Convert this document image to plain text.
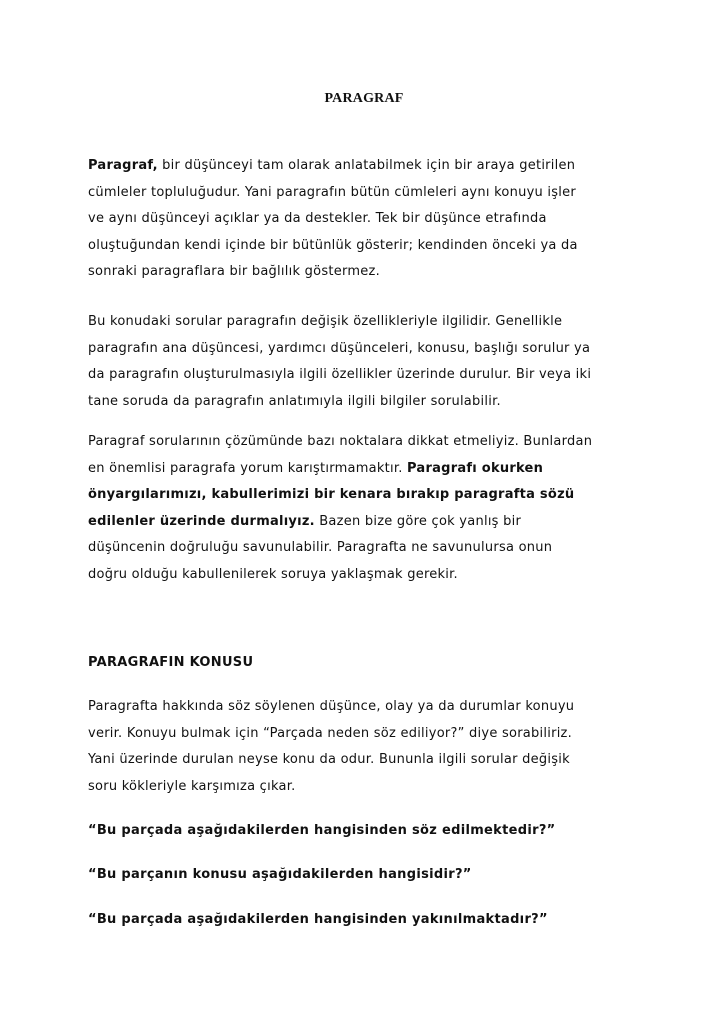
PARAGRAF
Paragraf, bir düşünceyi tam olarak anlatabilmek için bir araya getirilen
cümleler topluluğudur. Yani paragrafın bütün cümleleri aynı konuyu işler
ve aynı düşünceyi açıklar ya da destekler. Tek bir düşünce etrafında
oluştuğundan kendi içinde bir bütünlük gösterir; kendinden önceki ya da
sonraki paragraflara bir bağlılık göstermez.
Bu konudaki sorular paragrafın değişik özellikleriyle ilgilidir. Genellikle
paragrafın ana düşüncesi, yardımcı düşünceleri, konusu, başlığı sorulur ya
da paragrafın oluşturulmasıyla ilgili özellikler üzerinde durulur. Bir veya iki
tane soruda da paragrafın anlatımıyla ilgili bilgiler sorulabilir.
Paragraf sorularının çözümünde bazı noktalara dikkat etmeliyiz. Bunlardan
en önemlisi paragrafa yorum karıştırmamaktır. Paragrafı okurken
önyargılarımızı, kabullerimizi bir kenara bırakıp paragrafta sözü
edilenler üzerinde durmalıyız. Bazen bize göre çok yanlış bir
düşüncenin doğruluğu savunulabilir. Paragrafta ne savunulursa onun
doğru olduğu kabullenilerek soruya yaklaşmak gerekir.
PARAGRAFIN KONUSU
Paragrafta hakkında söz söylenen düşünce, olay ya da durumlar konuyu
verir. Konuyu bulmak için “Parçada neden söz ediliyor?” diye sorabiliriz.
Yani üzerinde durulan neyse konu da odur. Bununla ilgili sorular değişik
soru kökleriyle karşımıza çıkar.
“Bu parçada aşağıdakilerden hangisinden söz edilmektedir?”
“Bu parçanın konusu aşağıdakilerden hangisidir?”
“Bu parçada aşağıdakilerden hangisinden yakınılmaktadır?”
